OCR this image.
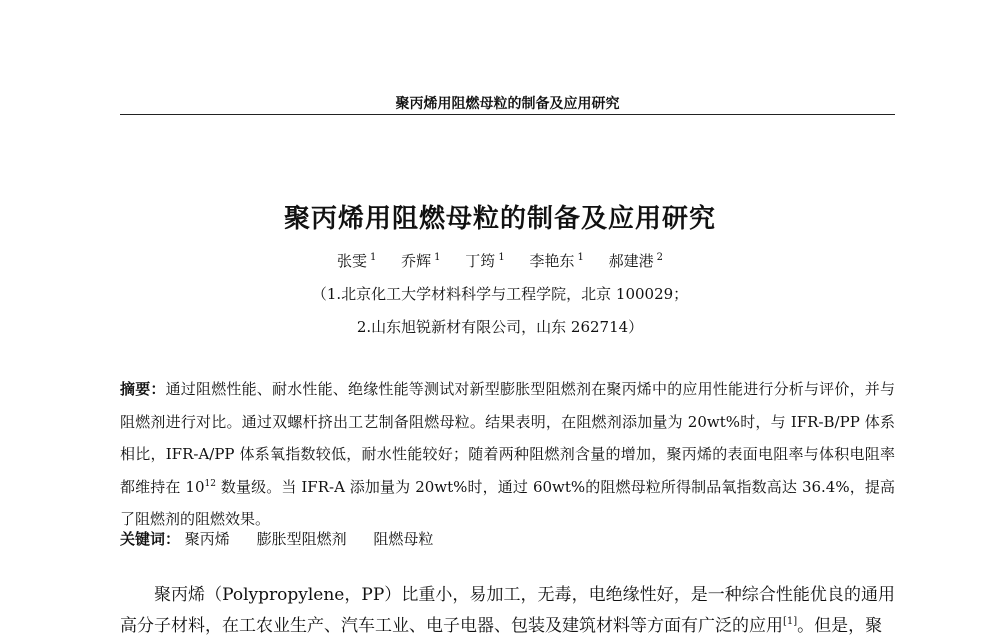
聚丙烯用阻燃母粒的制备及应用研究
聚丙烯用阻燃母粒的制备及应用研究
张雯 $^1$ 乔辉 $^1$ 丁筠 $^1$ 李艳东 $^1$ 郝建港 $^2$
（1.北京化工大学材料科学与工程学院，北京 100029；
2.山东旭锐新材有限公司，山东 262714）
摘要：通过阻燃性能、耐水性能、绝缘性能等测试对新型膨胀型阻燃剂在聚丙烯中的应用性能进行分析与评价，并与阻燃剂进行对比。通过双螺杆挤出工艺制备阻燃母粒。结果表明，在阻燃剂添加量为 20wt%时，与 IFR-B/PP 体系相比，IFR-A/PP 体系氧指数较低，耐水性能较好；随着两种阻燃剂含量的增加，聚丙烯的表面电阻率与体积电阻率都维持在 $10^{12}$ 数量级。当 IFR-A 添加量为 20wt%时，通过 60wt%的阻燃母粒所得制品氧指数高达 36.4%，提高了阻燃剂的阻燃效果。
关键词： 聚丙烯 膨胀型阻燃剂 阻燃母粒
聚丙烯（Polypropylene，PP）比重小，易加工，无毒，电绝缘性好，是一种综合性能优良的通用高分子材料，在工农业生产、汽车工业、电子电器、包装及建筑材料等方面有广泛的应用[1]。但是，聚
